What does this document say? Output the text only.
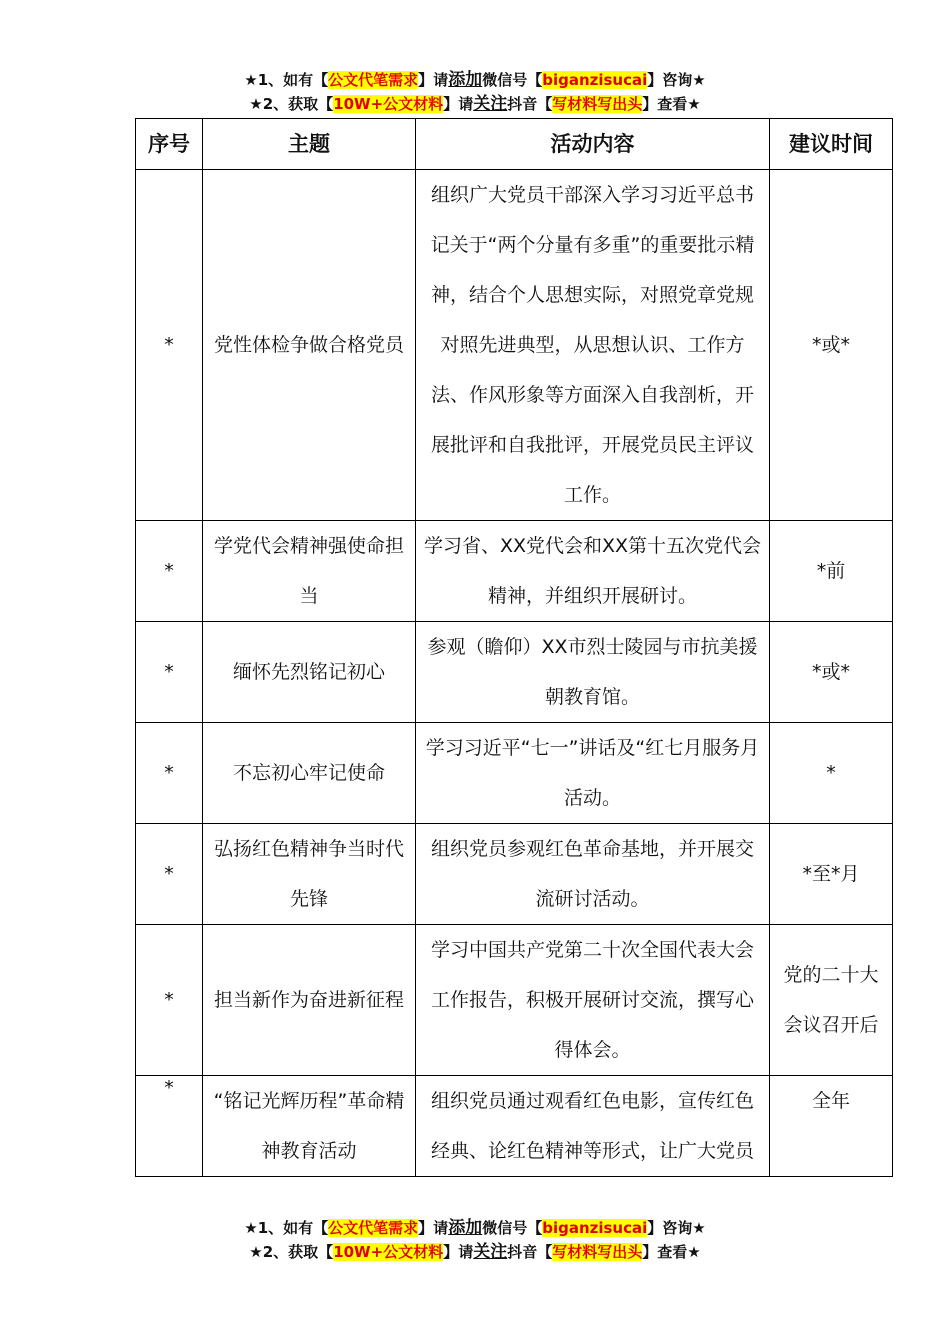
★1、如有【公文代笔需求】请添加微信号【biganzisucai】咨询★
★2、获取【10W+公文材料】请关注抖音【写材料写出头】查看★
序号	主题	活动内容	建议时间
*	党性体检争做合格党员	组织广大党员干部深入学习习近平总书记关于“两个分量有多重”的重要批示精神，结合个人思想实际，对照党章党规对照先进典型，从思想认识、工作方法、作风形象等方面深入自我剖析，开展批评和自我批评，开展党员民主评议工作。	*或*
*	学党代会精神强使命担当	学习省、XX党代会和XX第十五次党代会精神，并组织开展研讨。	*前
*	缅怀先烈铭记初心	参观（瞻仰）XX市烈士陵园与市抗美援朝教育馆。	*或*
*	不忘初心牢记使命	学习习近平“七一”讲话及“红七月服务月活动。	*
*	弘扬红色精神争当时代先锋	组织党员参观红色革命基地，并开展交流研讨活动。	*至*月
*	担当新作为奋进新征程	学习中国共产党第二十次全国代表大会工作报告，积极开展研讨交流，撰写心得体会。	党的二十大会议召开后
*	“铭记光辉历程”革命精神教育活动	组织党员通过观看红色电影，宣传红色经典、论红色精神等形式，让广大党员	全年
★1、如有【公文代笔需求】请添加微信号【biganzisucai】咨询★
★2、获取【10W+公文材料】请关注抖音【写材料写出头】查看★
